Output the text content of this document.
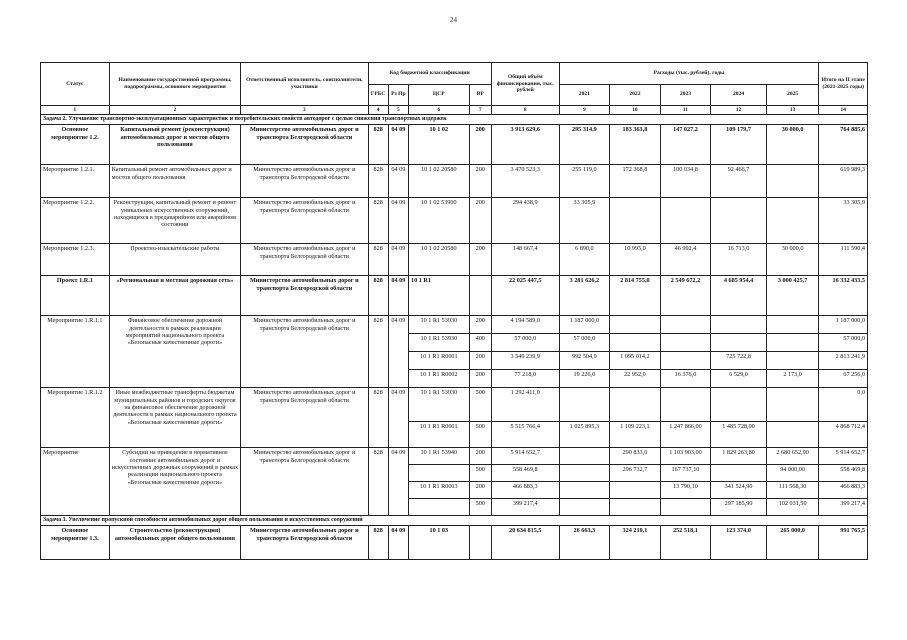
24
Статус	Наименование государственной программы, подпрограммы, основного мероприятия	Ответственный исполнитель, соисполнители, участники	Код бюджетной классификации				Общий объём финансирования, тыс. рублей	Расходы (тыс. рублей), годы					Итого на II этапе (2021-2025 годы)
			ГРБС	Рз Пр	ЦСР	ВР		2021	2022	2023	2024	2025	
1	2	3	4	5	6	7	8	9	10	11	12	13	14
Задача 2. Улучшение транспортно-эксплуатационных характеристик и потребительских свойств автодорог с целью снижения транспортных издержек													
Основное мероприятие 1.2.	Капитальный ремонт (реконструкция) автомобильных дорог и мостов общего пользования	Министерство автомобильных дорог и транспорта Белгородской области	828	04 09	10 1 02	200	3 913 629,6	295 314,9	183 363,8	147 027,2	109 179,7	30 000,0	764 885,6
Мероприятие 1.2.1.	Капитальный ремонт автомобильных дорог и мостов общего пользования	Министерство автомобильных дорог и транспорта Белгородской области	828	04 09	10 1 02 20580	200	3 470 523,3	255 119,0	172 368,8	100 034,8	92 466,7		619 989,3
Мероприятие 1.2.2.	Реконструкция, капитальный ремонт и ремонт уникальных искусственных сооружений, находящихся в предаварийном или аварийном состоянии	Министерство автомобильных дорог и транспорта Белгородской области	828	04 09	10 1 02 53900	200	294 438,9	33 305,9					33 305,9
Мероприятие 1.2.3.	Проектно-изыскательские работы	Министерство автомобильных дорог и транспорта Белгородской области	828	04 09	10 1 02 20580	200	148 667,4	6 890,0	10 995,0	46 992,4	16 713,0	30 000,0	111 590,4
Проект 1.R.1	«Региональная и местная дорожная сеть»	Министерство автомобильных дорог и транспорта Белгородской области	828	04 09	10 1 R1		22 025 447,5	3 281 626,2	2 814 755,0	2 549 672,2	4 685 954,4	3 000 425,7	16 332 433,5
Мероприятие 1.R.1.1	Финансовое обеспечение дорожной деятельности в рамках реализации мероприятий национального проекта «Безопасные качественные дороги»	Министерство автомобильных дорог и транспорта Белгородской области	828	04 09	10 1 R1 53930	200	4 194 589,0	1 187 000,0					1 187 000,0
					10 1 R1 53930	400	57 000,0	57 000,0					57 000,0
					10 1 R1 R0001	200	3 549 239,9	992 504,9	1 095 014,2		725 722,8		2 813 241,9
					10 1 R1 R0002	200	77 218,0	19 226,0	22 952,0	16 376,0	6 529,0	2 173,0	67 256,0
Мероприятие 1.R.1.2	Иные межбюджетные трансферты бюджетам муниципальных районов и городских округов на финансовое обеспечение дорожной деятельности в рамках национального проекта «Безопасные качественные дороги»	Министерство автомобильных дорог и транспорта Белгородской области	828	04 09	10 1 R1 53930	500	1 292 411,0						0,0
					10 1 R1 R0001	500	5 515 766,4	1 025 895,3	1 109 223,1	1 247 866,00	1 485 728,00		4 868 712,4
Мероприятие	Субсидии на приведение в нормативное состояние автомобильных дорог и искусственных дорожных сооружений в рамках реализации национального проекта «Безопасные качественные дороги»	Министерство автомобильных дорог и транспорта Белгородской области	828	04 09	10 1 R1 53940	200	5 914 652,7		290 833,0	1 103 903,00	1 829 263,80	2 680 652,90	5 914 652,7
						500	558 469,8		296 732,7	167 737,10		94 000,00	558 469,8
					10 1 R1 R0003	200	466 883,3			13 790,10	341 524,90	111 568,30	466 883,3
						500	399 217,4				297 185,90	102 031,50	399 217,4
Задача 3. Увеличение пропускной способности автомобильных дорог общего пользования и искусственных сооружений													
Основное мероприятие 1.3.	Строительство (реконструкция) автомобильных дорог общего пользования	Министерство автомобильных дорог и транспорта Белгородской области	828	04 09	10 1 03		20 634 815,5	26 663,3	324 210,1	252 518,1	123 374,0	265 000,0	991 765,5
